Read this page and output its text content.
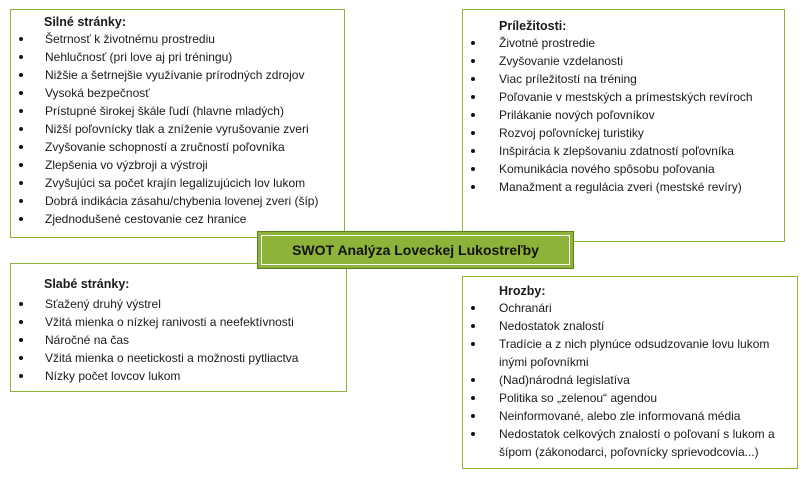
Silné stránky:
Šetrnosť k životnému prostrediu
Nehlučnosť (pri love aj pri tréningu)
Nižšie a šetrnejšie využívanie prírodných zdrojov
Vysoká bezpečnosť
Prístupné širokej škále ľudí (hlavne mladých)
Nižší poľovnícky tlak a zníženie vyrušovanie zveri
Zvyšovanie schopností a zručností poľovníka
Zlepšenia vo výzbroji a výstroji
Zvyšujúci sa počet krajín legalizujúcich lov lukom
Dobrá indikácia zásahu/chybenia lovenej zveri (šíp)
Zjednodušené cestovanie cez hranice
Príležitosti:
Životné prostredie
Zvyšovanie vzdelanosti
Viac príležitostí na tréning
Poľovanie v mestských a prímestských revíroch
Prilákanie nových poľovníkov
Rozvoj poľovníckej turistiky
Inšpirácia k zlepšovaniu zdatností poľovníka
Komunikácia nového spôsobu poľovania
Manažment a regulácia zveri (mestské revíry)
Slabé stránky:
Sťažený druhý výstrel
Vžitá mienka o nízkej ranivosti a neefektívnosti
Náročné na čas
Vžitá mienka o neetickosti a možnosti pytliactva
Nízky počet lovcov lukom
Hrozby:
Ochranári
Nedostatok znalostí
Tradície a z nich plynúce odsudzovanie lovu lukom inými poľovníkmi
(Nad)národná legislatíva
Politika so „zelenou“ agendou
Neinformované, alebo zle informovaná média
Nedostatok celkových znalostí o poľovaní s lukom a šípom (zákonodarci, poľovnícky sprievodcovia...)
SWOT Analýza Loveckej Lukostreľby
